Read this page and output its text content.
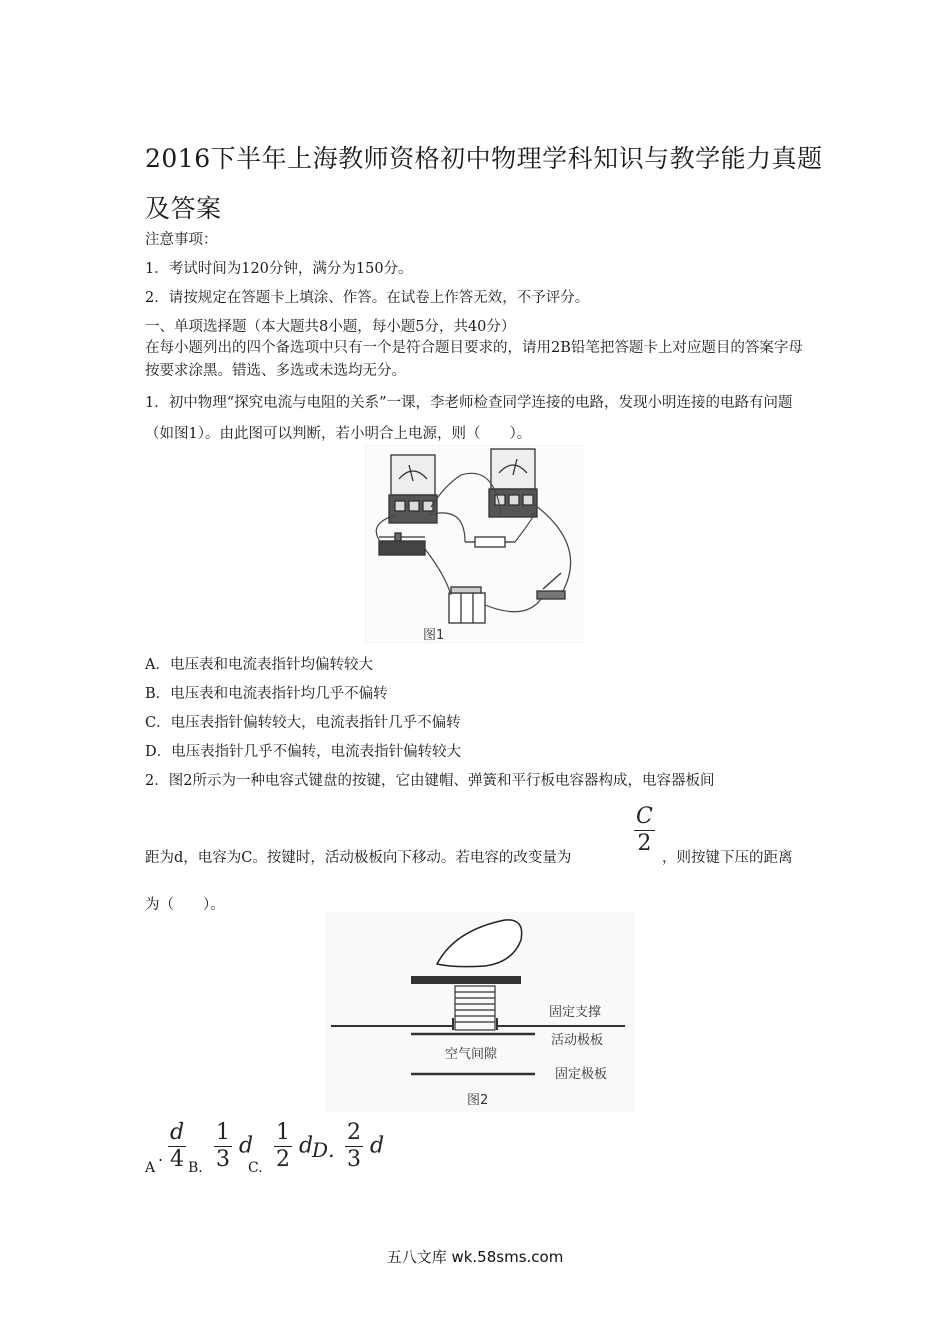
2016下半年上海教师资格初中物理学科知识与教学能力真题及答案
注意事项：
1．考试时间为120分钟，满分为150分。
2．请按规定在答题卡上填涂、作答。在试卷上作答无效，不予评分。
一、单项选择题（本大题共8小题，每小题5分，共40分）
在每小题列出的四个备选项中只有一个是符合题目要求的，请用2B铅笔把答题卡上对应题目的答案字母按要求涂黑。错选、多选或未选均无分。
1．初中物理“探究电流与电阻的关系”一课，李老师检查同学连接的电路，发现小明连接的电路有问题（如图1）。由此图可以判断，若小明合上电源，则（　　）。
图1
A．电压表和电流表指针均偏转较大
B．电压表和电流表指针均几乎不偏转
C．电压表指针偏转较大，电流表指针几乎不偏转
D．电压表指针几乎不偏转，电流表指针偏转较大
2．图2所示为一种电容式键盘的按键，它由键帽、弹簧和平行板电容器构成，电容器板间
距为d，电容为C。按键时，活动极板向下移动。若电容的改变量为
$\frac{C}{2}$
，则按键下压的距离
为（　　）。
空气间隙
固定支撑
活动极板
固定极板
图2
A
. $\frac{d}{4} B$. $\frac{1}{3}$ d
C. $\frac{1}{2}$ d
D．
$\frac{2}{3}$ d
五八文库 wk.58sms.com
